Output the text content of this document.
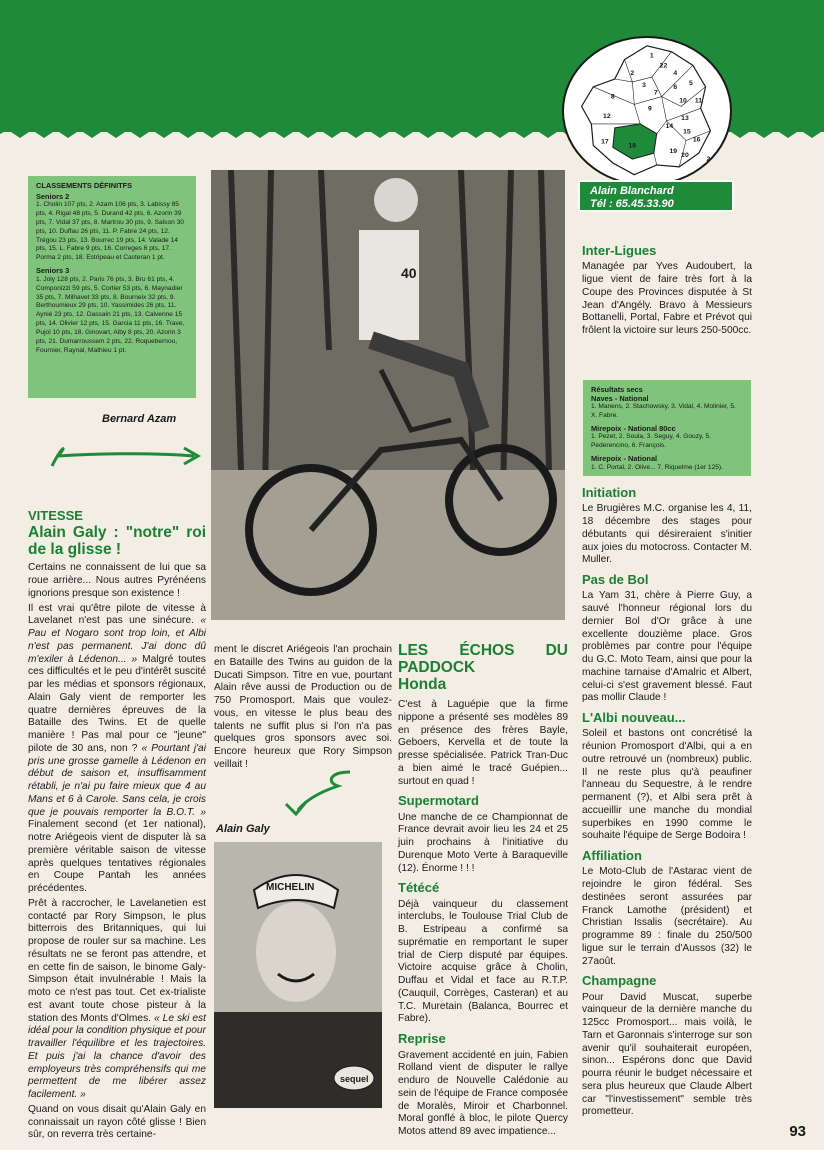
1
2
3
4
5
6
7
8
9
10 11
12	13
14
15
16
17
18
19
20
21
22
Alain Blanchard
Tél : 65.45.33.90
CLASSEMENTS DÉFINITFS
Seniors 2

1. Cholin 107 pts, 2. Azam 106 pts, 3. Labissy 85 pts, 4. Rigal 48 pts, 5. Durand 42 pts, 6. Azorin 39 pts, 7. Vidal 37 pts, 8. Martrou 30 pts, 9. Salson 30 pts, 10. Duffau 26 pts, 11. P. Fabre 24 pts, 12. Trégou 23 pts, 13. Bourrec 19 pts, 14. Valade 14 pts, 15. L. Fabre 9 pts, 16. Correges 6 pts, 17. Porma 2 pts, 18. Estripeau et Casteran 1 pt.

Seniors 3

1. Joly 128 pts, 2. Paris 76 pts, 3. Bru 61 pts, 4. Componizzi 59 pts, 5. Cortier 53 pts, 6. Maynadier 35 pts, 7. Milhavet 33 pts, 8. Bourneix 32 pts, 9. Berthoumieux 29 pts, 10. Yassimides 26 pts, 11. Aynié 23 pts, 12. Dassain 21 pts, 13. Calvenne 15 pts, 14. Olivier 12 pts, 15. Garcia 11 pts, 16. Trave, Pujol 10 pts, 18. Ginovart, Alby 8 pts, 20. Azorin 3 pts, 21. Dumarroussem 2 pts, 22. Roquebernou, Fournier, Raynal, Mathieu 1 pt.

Bernard Azam
40
VITESSE
Alain Galy : "notre" roi de la glisse !

Certains ne connaissent de lui que sa roue arrière... Nous autres Pyrénéens ignorions presque son existence !

Il est vrai qu'être pilote de vitesse à Lavelanet n'est pas une sinécure. « Pau et Nogaro sont trop loin, et Albi n'est pas permanent. J'ai donc dû m'exiler à Lédenon... » Malgré toutes ces difficultés et le peu d'intérêt suscité par les médias et sponsors régionaux, Alain Galy vient de remporter les quatre dernières épreuves de la Bataille des Twins. Et de quelle manière ! Pas mal pour ce "jeune" pilote de 30 ans, non ? « Pourtant j'ai pris une grosse gamelle à Lédenon en début de saison et, insuffisamment rétabli, je n'ai pu faire mieux que 4 au Mans et 6 à Carole. Sans cela, je crois que je pouvais remporter la B.O.T. » Finalement second (et 1er national), notre Ariégeois vient de disputer là sa première véritable saison de vitesse après quelques tentatives régionales en Coupe Pantah les années précédentes.

Prêt à raccrocher, le Lavelanetien est contacté par Rory Simpson, le plus bitterrois des Britanniques, qui lui propose de rouler sur sa machine. Les résultats ne se feront pas attendre, et en cette fin de saison, le binome Galy-Simpson était invulnérable ! Mais la moto ce n'est pas tout. Cet ex-trialiste est avant toute chose pisteur à la station des Monts d'Olmes. « Le ski est idéal pour la condition physique et pour travailler l'équilibre et les trajectoires. Et puis j'ai la chance d'avoir des employeurs très compréhensifs qui me permettent de me libérer assez facilement. »

Quand on vous disait qu'Alain Galy en connaissait un rayon côté glisse ! Bien sûr, on reverra très certaine-

ment le discret Ariégeois l'an prochain en Bataille des Twins au guidon de la Ducati Simpson. Titre en vue, pourtant Alain rêve aussi de Production ou de 750 Promosport. Mais que voulez-vous, en vitesse le plus beau des talents ne suffit plus si l'on n'a pas quelques gros sponsors avec soi. Encore heureux que Rory Simpson veillait !
Alain Galy
MICHELIN
sequel
LES ÉCHOS DU PADDOCK
Honda

C'est à Laguépie que la firme nippone a présenté ses modèles 89 en présence des frères Bayle, Geboers, Kervella et de toute la presse spécialisée. Patrick Tran-Duc a bien aimé le tracé Guépien... surtout en quad !

Supermotard

Une manche de ce Championnat de France devrait avoir lieu les 24 et 25 juin prochains à l'initiative du Durenque Moto Verte à Baraqueville (12). Énorme ! ! !

Tétécé

Déjà vainqueur du classement interclubs, le Toulouse Trial Club de B. Estripeau a confirmé sa suprématie en remportant le super trial de Cierp disputé par équipes. Victoire acquise grâce à Cholin, Duffau et Vidal et face au R.T.P. (Cauquil, Corrèges, Casteran) et au T.C. Muretain (Balanca, Bourrec et Fabre).

Reprise

Gravement accidenté en juin, Fabien Rolland vient de disputer le rallye enduro de Nouvelle Calédonie au sein de l'équipe de France composée de Moralès, Miroir et Charbonnel. Moral gonflé à bloc, le pilote Quercy Motos attend 89 avec impatience...

Inter-Ligues

Managée par Yves Audoubert, la ligue vient de faire très fort à la Coupe des Provinces disputée à St Jean d'Angély. Bravo à Messieurs Bottanelli, Portal, Fabre et Prévot qui frôlent la victoire sur leurs 250-500cc.

Résultats secs
Naves - National

1. Manens, 2. Stachowsky, 3. Vidal, 4. Molinier, 5. X. Fabre.

Mirepoix - National 80cc

1. Pezet, 2. Soula, 3. Seguy, 4. Gouzy, 5. Pederencino, 6. François.

Mirepoix - National

1. C. Portal, 2. Olive... 7. Riquelme (1er 125).

Initiation

Le Brugières M.C. organise les 4, 11, 18 décembre des stages pour débutants qui désireraient s'initier aux joies du motocross. Contacter M. Muller.

Pas de Bol

La Yam 31, chère à Pierre Guy, a sauvé l'honneur régional lors du dernier Bol d'Or grâce à une excellente douzième place. Gros problèmes par contre pour l'équipe du G.C. Moto Team, ainsi que pour la machine tarnaise d'Amalric et Albert, celui-ci s'est gravement blessé. Faut pas mollir Claude !

L'Albi nouveau...

Soleil et bastons ont concrétisé la réunion Promosport d'Albi, qui a en outre retrouvé un (nombreux) public. Il ne reste plus qu'à peaufiner l'anneau du Sequestre, à le rendre permanent (?), et Albi sera prêt à accueillir une manche du mondial superbikes en 1990 comme le souhaite l'équipe de Serge Bodoira !

Affiliation

Le Moto-Club de l'Astarac vient de rejoindre le giron fédéral. Ses destinées seront assurées par Franck Lamothe (président) et Christian Issalis (secrétaire). Au programme 89 : finale du 250/500 ligue sur le terrain d'Aussos (32) le 27août.

Champagne

Pour David Muscat, superbe vainqueur de la dernière manche du 125cc Promosport... mais voilà, le Tarn et Garonnais s'interroge sur son avenir qu'il souhaiterait européen, sinon... Espérons donc que David pourra réunir le budget nécessaire et sera plus heureux que Claude Albert car "l'investissement" semble très prometteur.

93
